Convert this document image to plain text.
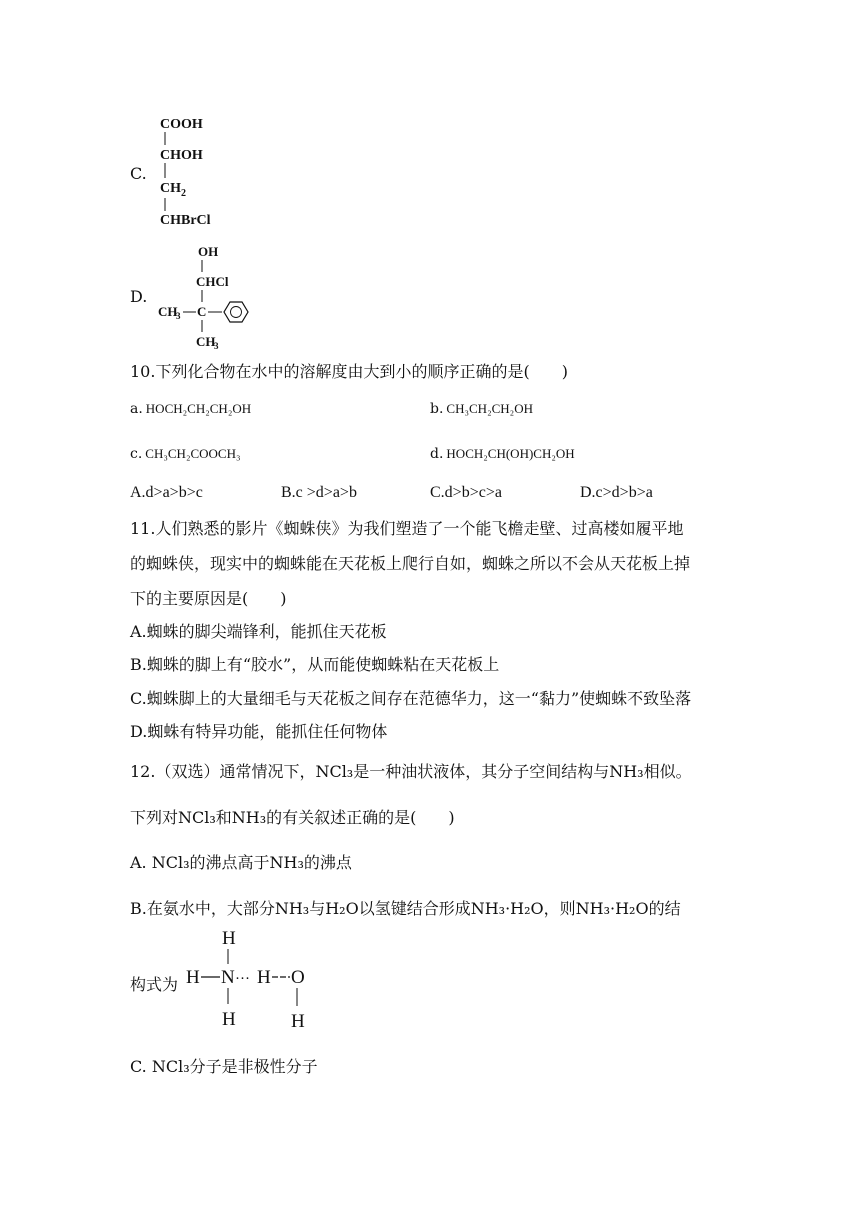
C.
COOH
CHOH
CH 2
CHBrCl
D.
OH
CHCl
CH
3 C
CH
3
10.下列化合物在水中的溶解度由大到小的顺序正确的是(　　)
a. HOCH₂CH₂CH₂OH	b. CH₃CH₂CH₂OH
c. CH₃CH₂COOCH₃	d. HOCH₂CH(OH)CH₂OH
A.d>a>b>c	B.c >d>a>b	C.d>b>c>a	D.c>d>b>a
11.人们熟悉的影片《蜘蛛侠》为我们塑造了一个能飞檐走壁、过高楼如履平地
的蜘蛛侠，现实中的蜘蛛能在天花板上爬行自如，蜘蛛之所以不会从天花板上掉
下的主要原因是(　　)
A.蜘蛛的脚尖端锋利，能抓住天花板
B.蜘蛛的脚上有“胶水”，从而能使蜘蛛粘在天花板上
C.蜘蛛脚上的大量细毛与天花板之间存在范德华力，这一“黏力”使蜘蛛不致坠落
D.蜘蛛有特异功能，能抓住任何物体
12.（双选）通常情况下，NCl₃是一种油状液体，其分子空间结构与NH₃相似。
下列对NCl₃和NH₃的有关叙述正确的是(　　)
A. NCl₃的沸点高于NH₃的沸点
B.在氨水中，大部分NH₃与H₂O以氢键结合形成NH₃·H₂O，则NH₃·H₂O的结
构式为
H
H N ··· H O
H	H
C. NCl₃分子是非极性分子
